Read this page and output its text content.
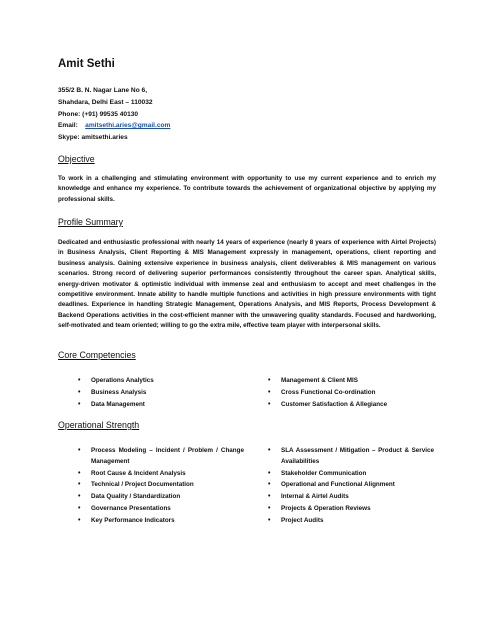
Amit Sethi
355/2 B. N. Nagar Lane No 6,
Shahdara, Delhi East – 110032
Phone: (+91) 99535 40130
Email: amitsethi.aries@gmail.com
Skype: amitsethi.aries
Objective

To work in a challenging and stimulating environment with opportunity to use my current experience and to enrich my knowledge and enhance my experience. To contribute towards the achievement of organizational objective by applying my professional skills.

Profile Summary

Dedicated and enthusiastic professional with nearly 14 years of experience (nearly 8 years of experience with Airtel Projects) in Business Analysis, Client Reporting & MIS Management expressly in management, operations, client reporting and business analysis. Gaining extensive experience in business analysis, client deliverables & MIS management on various scenarios. Strong record of delivering superior performances consistently throughout the career span. Analytical skills, energy-driven motivator & optimistic individual with immense zeal and enthusiasm to accept and meet challenges in the competitive environment. Innate ability to handle multiple functions and activities in high pressure environments with tight deadlines. Experience in handling Strategic Management, Operations Analysis, and MIS Reports, Process Development & Backend Operations activities in the cost-efficient manner with the unwavering quality standards. Focused and hardworking, self-motivated and team oriented; willing to go the extra mile, effective team player with interpersonal skills.

Core Competencies
• Operations Analytics
• Business Analysis
• Data Management
• Management & Client MIS
• Cross Functional Co-ordination
• Customer Satisfaction & Allegiance
Operational Strength
• Process Modeling – Incident / Problem / Change Management
• Root Cause & Incident Analysis
• Technical / Project Documentation
• Data Quality / Standardization
• Governance Presentations
• Key Performance Indicators
• SLA Assessment / Mitigation – Product & Service Availabilities
• Stakeholder Communication
• Operational and Functional Alignment
• Internal & Airtel Audits
• Projects & Operation Reviews
• Project Audits
